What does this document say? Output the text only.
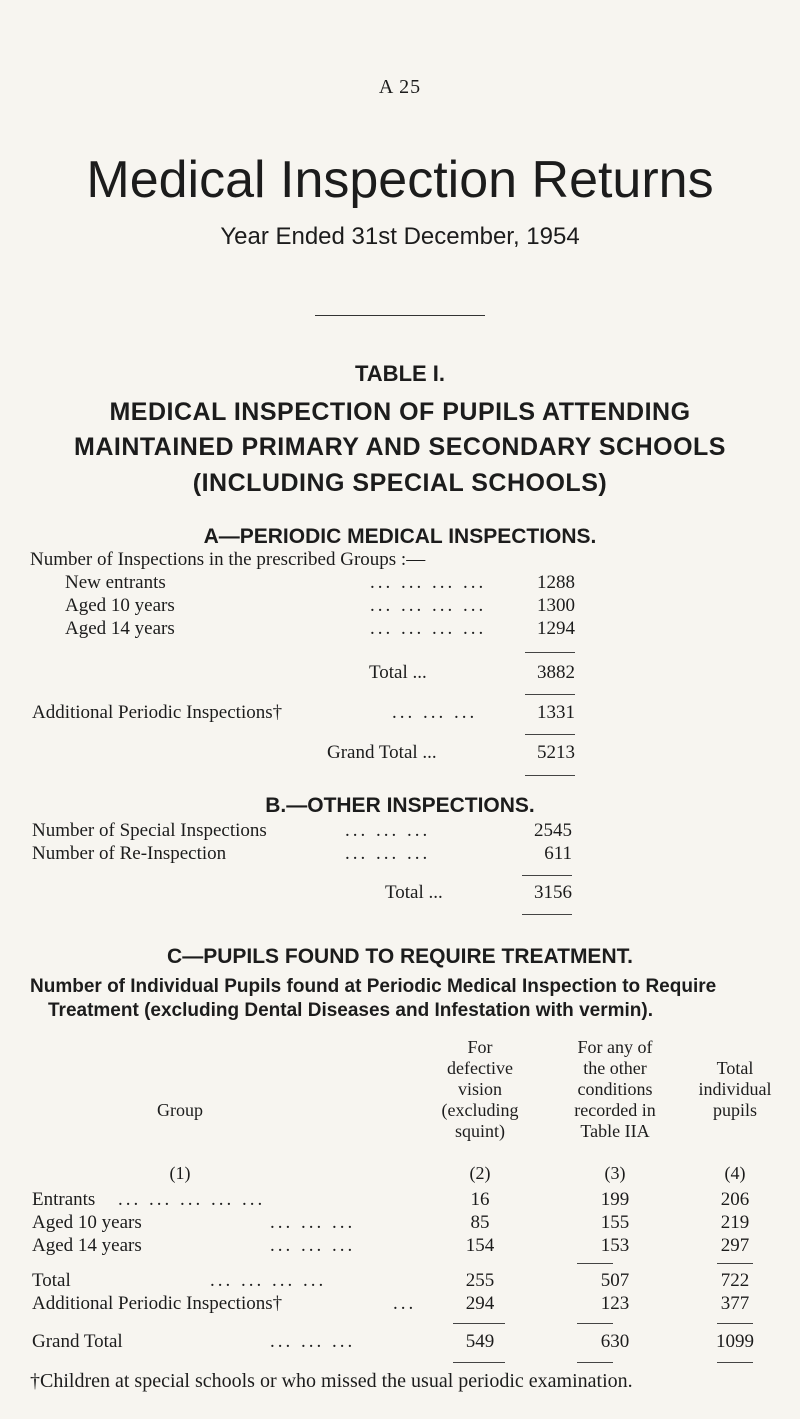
A 25
Medical Inspection Returns
Year Ended 31st December, 1954
TABLE I.
MEDICAL INSPECTION OF PUPILS ATTENDING
MAINTAINED PRIMARY AND SECONDARY SCHOOLS
(INCLUDING SPECIAL SCHOOLS)
A—PERIODIC MEDICAL INSPECTIONS.
Number of Inspections in the prescribed Groups :—
New entrants	... ... ... ...	1288
Aged 10 years	... ... ... ...	1300
Aged 14 years	... ... ... ...	1294
Total ...	3882
Additional Periodic Inspections†	... ... ...	1331
Grand Total ...	5213
B.—OTHER INSPECTIONS.
Number of Special Inspections	... ... ...	2545
Number of Re-Inspection	... ... ...	611
Total ...	3156
C—PUPILS FOUND TO REQUIRE TREATMENT.
Number of Individual Pupils found at Periodic Medical Inspection to Require
Treatment (excluding Dental Diseases and Infestation with vermin).
Group
(1)
For
defective
vision
(excluding
squint)
(2)
For any of
the other
conditions
recorded in
Table IIA
(3)
Total
individual
pupils
(4)
Entrants ... ... ... ... ...	16	199	206
Aged 10 years	... ... ...	85	155	219
Aged 14 years	... ... ...	154	153	297
Total	... ... ... ...	255	507	722
Additional Periodic Inspections†	...	294	123	377
Grand Total	... ... ...	549	630	1099
†Children at special schools or who missed the usual periodic examination.
